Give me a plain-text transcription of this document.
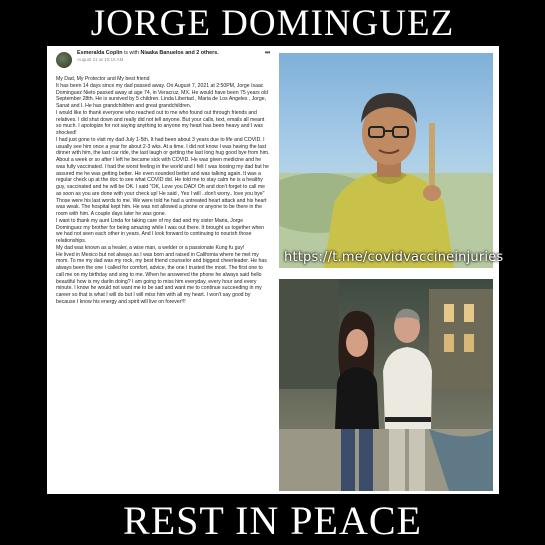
JORGE DOMINGUEZ
Esmeralda Coplin is with Niaaka Banuelos and 2 others.
August 21 at 10:18 AM
•••

My Dad, My Protector and My best friend

It has been 14 days since my dad passed away. On August 7, 2021 at 2:50PM, Jorge Isaac Dominguez Nieto passed away at age 74, in Veracruz, MX. He would have been 75 years old September 28th. He is survived by 5 children. Linda Libertad , Maria de Los Angeles , Jorge, Sanat and I. He has grandchildren and great grandchildren.

I would like to thank everyone who reached out to me who found out through friends and relatives. I did shut down and really did not tell anyone. But your calls, text, emails all meant so much. I apologize for not saying anything to anyone my heart has been heavy and I was shocked!

I had just gone to visit my dad July 1-5th. It had been about 3 years due to life and COVID. I usually see him once a year for about 2-3 wks. At a time. I did not know I was having the last dinner with him, the last car ride, the last laugh or getting the last long hug good bye from him. About a week or so after I left he became sick with COVID. He was given medicine and he was fully vaccinated. I had the worst feeling in the world and I felt I was loosing my dad but he assured me he was getting better. He even sounded better and was talking again. It was a regular check up at the doc to see what COVID did. He told me to stay calm he is a healthy guy, vaccinated and he will be OK. I said "OK, Love you DAD! Oh and don't forget to call me as soon as you are done with your check up! He said , Yes I will ..don't worry.. love you bye" Those were his last words to me. We were told he had a untreated heart attack and his heart was weak. The hospital kept him. He was not allowed a phone or anyone to be there in the room with him. A couple days later he was gone.

I want to thank my aunt Linda for taking care of my dad and my sister Maria, Jorge Dominguez my brother for being amazing while I was out there. It brought us together when we had not seen each other in years. And I look forward to continuing to nourish those relationships.

My dad was known as a healer, a wise man, a welder or a passionate Kung fu guy!

He lived in Mexico but not always as I was born and raised in California where he met my mom. To me my dad was my rock, my best friend counselor and biggest cheerleader. He has always been the one I called for comfort, advice, the one I trusted the most. The first one to call me on my birthday and sing to me. When he answered the phone he always said hello beautiful how is my darlin doing? I am going to miss him everyday, every hour and every minute. I know he would not want me to be sad and want me to continue succeeding in my career so that is what I will do but I will miss him with all my heart. I won't say good by because I know his energy and spirit will live on forever!!!

https://t.me/covidvaccineinjuries
REST IN PEACE
